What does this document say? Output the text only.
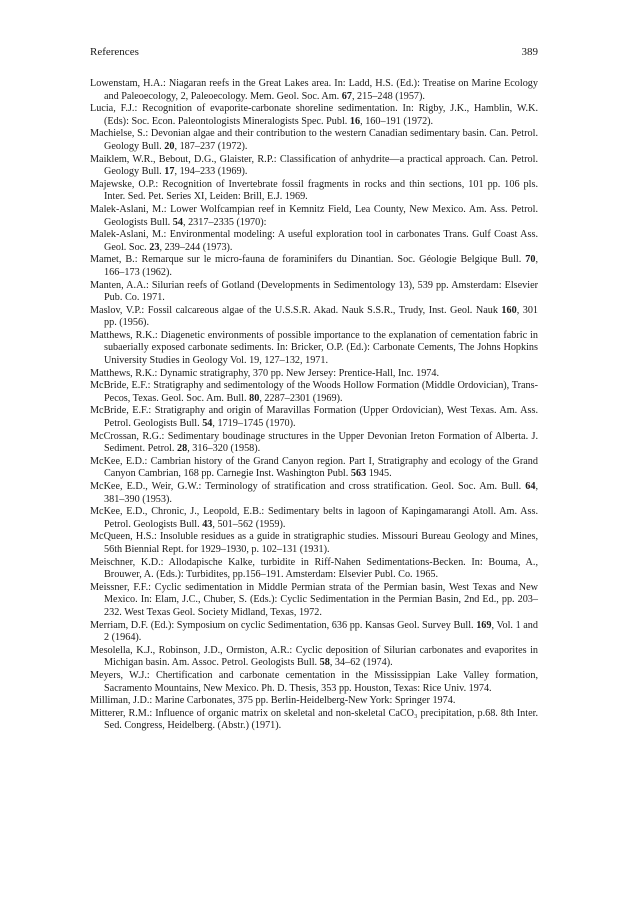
References	389

Lowenstam, H.A.: Niagaran reefs in the Great Lakes area. In: Ladd, H.S. (Ed.): Treatise on Marine Ecology and Paleoecology, 2, Paleoecology. Mem. Geol. Soc. Am. 67, 215–248 (1957).

Lucia, F.J.: Recognition of evaporite-carbonate shoreline sedimentation. In: Rigby, J.K., Hamblin, W.K. (Eds): Soc. Econ. Paleontologists Mineralogists Spec. Publ. 16, 160–191 (1972).

Machielse, S.: Devonian algae and their contribution to the western Canadian sedimentary basin. Can. Petrol. Geology Bull. 20, 187–237 (1972).

Maiklem, W.R., Bebout, D.G., Glaister, R.P.: Classification of anhydrite—a practical approach. Can. Petrol. Geology Bull. 17, 194–233 (1969).

Majewske, O.P.: Recognition of Invertebrate fossil fragments in rocks and thin sections, 101 pp. 106 pls. Inter. Sed. Pet. Series XI, Leiden: Brill, E.J. 1969.

Malek-Aslani, M.: Lower Wolfcampian reef in Kemnitz Field, Lea County, New Mexico. Am. Ass. Petrol. Geologists Bull. 54, 2317–2335 (1970):

Malek-Aslani, M.: Environmental modeling: A useful exploration tool in carbonates Trans. Gulf Coast Ass. Geol. Soc. 23, 239–244 (1973).

Mamet, B.: Remarque sur le micro-fauna de foraminifers du Dinantian. Soc. Géologie Belgique Bull. 70, 166–173 (1962).

Manten, A.A.: Silurian reefs of Gotland (Developments in Sedimentology 13), 539 pp. Amsterdam: Elsevier Pub. Co. 1971.

Maslov, V.P.: Fossil calcareous algae of the U.S.S.R. Akad. Nauk S.S.R., Trudy, Inst. Geol. Nauk 160, 301 pp. (1956).

Matthews, R.K.: Diagenetic environments of possible importance to the explanation of cementation fabric in subaerially exposed carbonate sediments. In: Bricker, O.P. (Ed.): Carbonate Cements, The Johns Hopkins University Studies in Geology Vol. 19, 127–132, 1971.

Matthews, R.K.: Dynamic stratigraphy, 370 pp. New Jersey: Prentice-Hall, Inc. 1974.

McBride, E.F.: Stratigraphy and sedimentology of the Woods Hollow Formation (Middle Ordovician), Trans-Pecos, Texas. Geol. Soc. Am. Bull. 80, 2287–2301 (1969).

McBride, E.F.: Stratigraphy and origin of Maravillas Formation (Upper Ordovician), West Texas. Am. Ass. Petrol. Geologists Bull. 54, 1719–1745 (1970).

McCrossan, R.G.: Sedimentary boudinage structures in the Upper Devonian Ireton Formation of Alberta. J. Sediment. Petrol. 28, 316–320 (1958).

McKee, E.D.: Cambrian history of the Grand Canyon region. Part I, Stratigraphy and ecology of the Grand Canyon Cambrian, 168 pp. Carnegie Inst. Washington Publ. 563 1945.

McKee, E.D., Weir, G.W.: Terminology of stratification and cross stratification. Geol. Soc. Am. Bull. 64, 381–390 (1953).

McKee, E.D., Chronic, J., Leopold, E.B.: Sedimentary belts in lagoon of Kapingamarangi Atoll. Am. Ass. Petrol. Geologists Bull. 43, 501–562 (1959).

McQueen, H.S.: Insoluble residues as a guide in stratigraphic studies. Missouri Bureau Geology and Mines, 56th Biennial Rept. for 1929–1930, p. 102–131 (1931).

Meischner, K.D.: Allodapische Kalke, turbidite in Riff-Nahen Sedimentations-Becken. In: Bouma, A., Brouwer, A. (Eds.): Turbidites, pp.156–191. Amsterdam: Elsevier Publ. Co. 1965.

Meissner, F.F.: Cyclic sedimentation in Middle Permian strata of the Permian basin, West Texas and New Mexico. In: Elam, J.C., Chuber, S. (Eds.): Cyclic Sedimentation in the Permian Basin, 2nd Ed., pp. 203–232. West Texas Geol. Society Midland, Texas, 1972.

Merriam, D.F. (Ed.): Symposium on cyclic Sedimentation, 636 pp. Kansas Geol. Survey Bull. 169, Vol. 1 and 2 (1964).

Mesolella, K.J., Robinson, J.D., Ormiston, A.R.: Cyclic deposition of Silurian carbonates and evaporites in Michigan basin. Am. Assoc. Petrol. Geologists Bull. 58, 34–62 (1974).

Meyers, W.J.: Chertification and carbonate cementation in the Mississippian Lake Valley formation, Sacramento Mountains, New Mexico. Ph. D. Thesis, 353 pp. Houston, Texas: Rice Univ. 1974.

Milliman, J.D.: Marine Carbonates, 375 pp. Berlin-Heidelberg-New York: Springer 1974.

Mitterer, R.M.: Influence of organic matrix on skeletal and non-skeletal CaCO₃ precipitation, p.68. 8th Inter. Sed. Congress, Heidelberg. (Abstr.) (1971).
